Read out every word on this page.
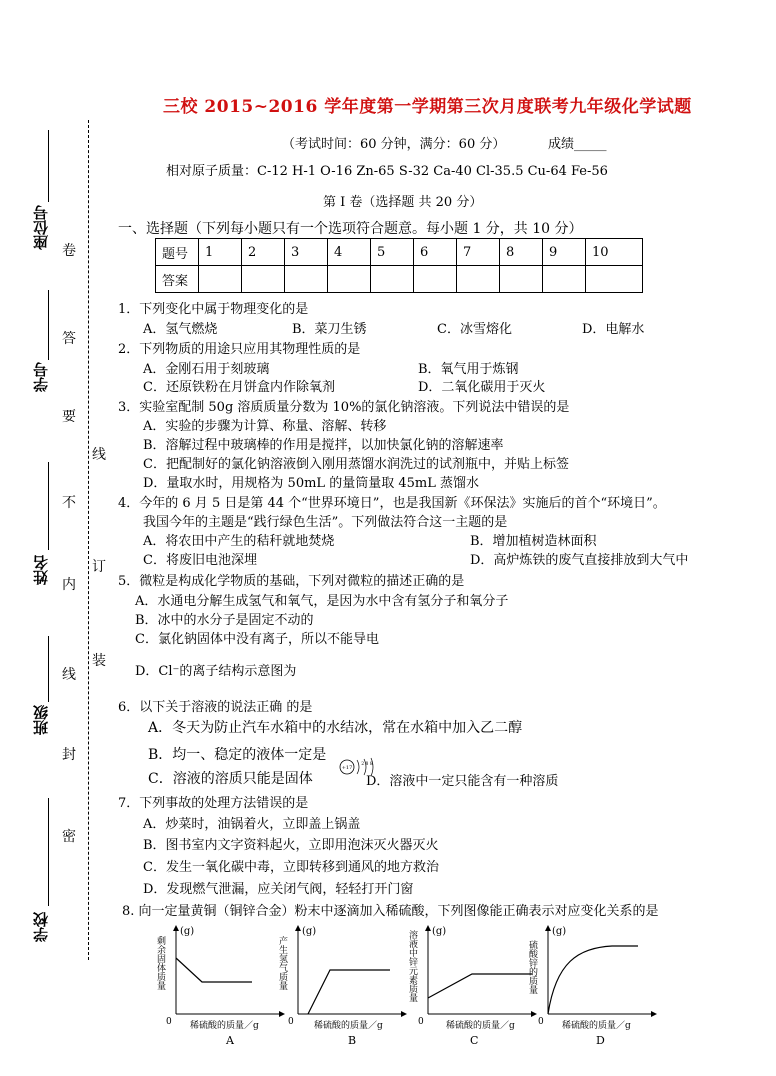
三校 2015~2016 学年度第一学期第三次月度联考九年级化学试题
（考试时间：60 分钟，满分：60 分）	成绩_____
相对原子质量：C-12 H-1 O-16 Zn-65 S-32 Ca-40 Cl-35.5 Cu-64 Fe-56
第 I 卷（选择题 共 20 分）
一、选择题（下列每小题只有一个选项符合题意。每小题 1 分，共 10 分）
题号	1	2	3	4	5	6	7	8	9	10
答案										
座位号
学号
姓名
班级
学校
卷
答
要
不
内
线
封
密
线
订
装
1．下列变化中属于物理变化的是
A．氢气燃烧	B．菜刀生锈	C．冰雪熔化	D．电解水
2．下列物质的用途只应用其物理性质的是
A．金刚石用于刻玻璃	B．氧气用于炼钢
C．还原铁粉在月饼盒内作除氧剂	D．二氧化碳用于灭火
3．实验室配制 50g 溶质质量分数为 10%的氯化钠溶液。下列说法中错误的是
A．实验的步骤为计算、称量、溶解、转移
B．溶解过程中玻璃棒的作用是搅拌，以加快氯化钠的溶解速率
C．把配制好的氯化钠溶液倒入刚用蒸馏水润洗过的试剂瓶中，并贴上标签
D．量取水时，用规格为 50mL 的量筒量取 45mL 蒸馏水
4．今年的 6 月 5 日是第 44 个“世界环境日”，也是我国新《环保法》实施后的首个“环境日”。
我国今年的主题是“践行绿色生活”。下列做法符合这一主题的是
A．将农田中产生的秸秆就地焚烧	B．增加植树造林面积
C．将废旧电池深埋	D．高炉炼铁的废气直接排放到大气中
5．微粒是构成化学物质的基础，下列对微粒的描述正确的是
A．水通电分解生成氢气和氧气，是因为水中含有氢分子和氧分子
B．冰中的水分子是固定不动的
C．氯化钠固体中没有离子，所以不能导电
D．Cl⁻的离子结构示意图为
6．以下关于溶液的说法正确 的是
A．冬天为防止汽车水箱中的水结冰，常在水箱中加入乙二醇
B．均一、稳定的液体一定是
+17
2 8 8
C．溶液的溶质只能是固体	D．溶液中一定只能含有一种溶质
7．下列事故的处理方法错误的是
A．炒菜时，油锅着火，立即盖上锅盖
B．图书室内文字资料起火，立即用泡沫灭火器灭火
C．发生一氧化碳中毒，立即转移到通风的地方救治
D．发现燃气泄漏，应关闭气阀，轻轻打开门窗
8. 向一定量黄铜（铜锌合金）粉末中逐滴加入稀硫酸，下列图像能正确表示对应变化关系的是
剩余固体质量
(g)
0 稀硫酸的质量／g
A
产生氢气质量
(g)
0 稀硫酸的质量／g
B
溶液中锌元素质量 (g)
0 稀硫酸的质量／g
C
硫酸锌的质量
(g)
0 稀硫酸的质量／g
D
